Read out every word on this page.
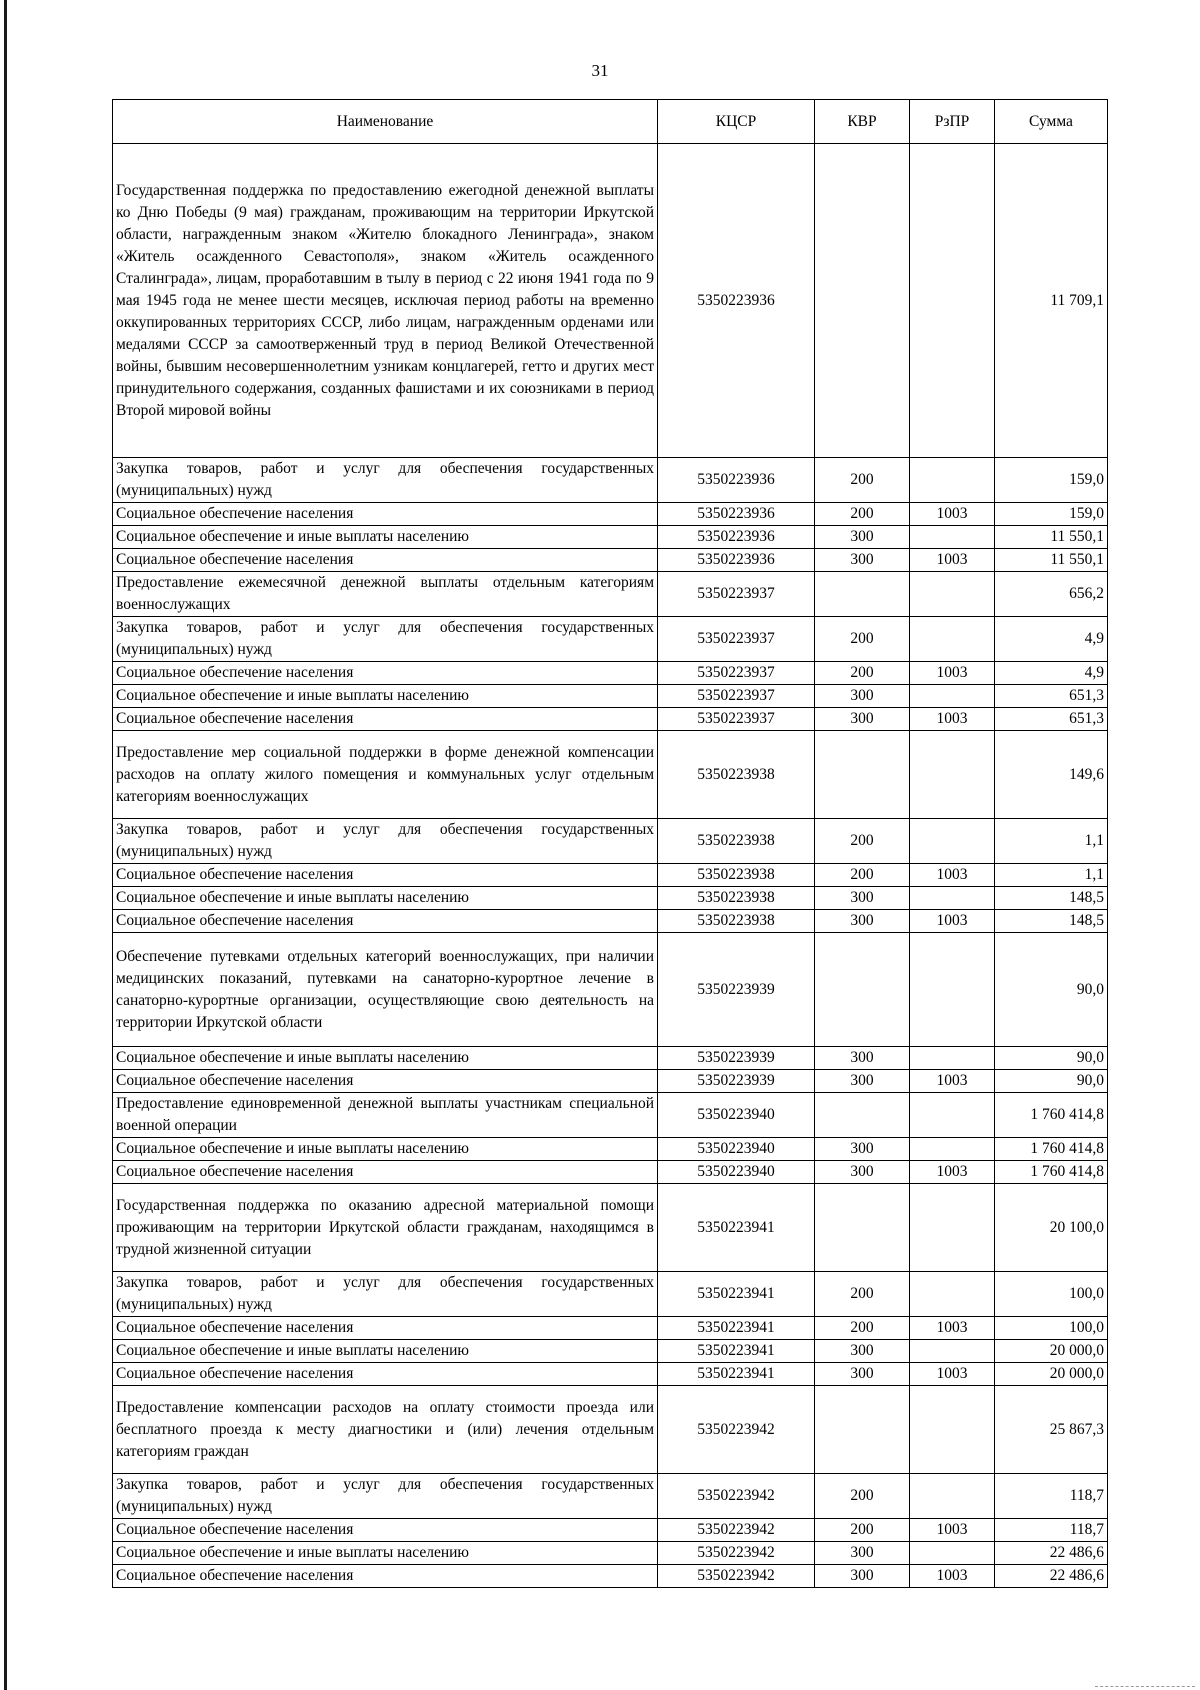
31
Наименование	КЦСР	КВР	РзПР	Сумма
Государственная поддержка по предоставлению ежегодной денежной выплаты ко Дню Победы (9 мая) гражданам, проживающим на территории Иркутской области, награжденным знаком «Жителю блокадного Ленинграда», знаком «Житель осажденного Севастополя», знаком «Житель осажденного Сталинграда», лицам, проработавшим в тылу в период с 22 июня 1941 года по 9 мая 1945 года не менее шести месяцев, исключая период работы на временно оккупированных территориях СССР, либо лицам, награжденным орденами или медалями СССР за самоотверженный труд в период Великой Отечественной войны, бывшим несовершеннолетним узникам концлагерей, гетто и других мест принудительного содержания, созданных фашистами и их союзниками в период Второй мировой войны	5350223936			11 709,1
Закупка товаров, работ и услуг для обеспечения государственных (муниципальных) нужд	5350223936	200		159,0
Социальное обеспечение населения	5350223936	200	1003	159,0
Социальное обеспечение и иные выплаты населению	5350223936	300		11 550,1
Социальное обеспечение населения	5350223936	300	1003	11 550,1
Предоставление ежемесячной денежной выплаты отдельным категориям военнослужащих	5350223937			656,2
Закупка товаров, работ и услуг для обеспечения государственных (муниципальных) нужд	5350223937	200		4,9
Социальное обеспечение населения	5350223937	200	1003	4,9
Социальное обеспечение и иные выплаты населению	5350223937	300		651,3
Социальное обеспечение населения	5350223937	300	1003	651,3
Предоставление мер социальной поддержки в форме денежной компенсации расходов на оплату жилого помещения и коммунальных услуг отдельным категориям военнослужащих	5350223938			149,6
Закупка товаров, работ и услуг для обеспечения государственных (муниципальных) нужд	5350223938	200		1,1
Социальное обеспечение населения	5350223938	200	1003	1,1
Социальное обеспечение и иные выплаты населению	5350223938	300		148,5
Социальное обеспечение населения	5350223938	300	1003	148,5
Обеспечение путевками отдельных категорий военнослужащих, при наличии медицинских показаний, путевками на санаторно-курортное лечение в санаторно-курортные организации, осуществляющие свою деятельность на территории Иркутской области	5350223939			90,0
Социальное обеспечение и иные выплаты населению	5350223939	300		90,0
Социальное обеспечение населения	5350223939	300	1003	90,0
Предоставление единовременной денежной выплаты участникам специальной военной операции	5350223940			1 760 414,8
Социальное обеспечение и иные выплаты населению	5350223940	300		1 760 414,8
Социальное обеспечение населения	5350223940	300	1003	1 760 414,8
Государственная поддержка по оказанию адресной материальной помощи проживающим на территории Иркутской области гражданам, находящимся в трудной жизненной ситуации	5350223941			20 100,0
Закупка товаров, работ и услуг для обеспечения государственных (муниципальных) нужд	5350223941	200		100,0
Социальное обеспечение населения	5350223941	200	1003	100,0
Социальное обеспечение и иные выплаты населению	5350223941	300		20 000,0
Социальное обеспечение населения	5350223941	300	1003	20 000,0
Предоставление компенсации расходов на оплату стоимости проезда или бесплатного проезда к месту диагностики и (или) лечения отдельным категориям граждан	5350223942			25 867,3
Закупка товаров, работ и услуг для обеспечения государственных (муниципальных) нужд	5350223942	200		118,7
Социальное обеспечение населения	5350223942	200	1003	118,7
Социальное обеспечение и иные выплаты населению	5350223942	300		22 486,6
Социальное обеспечение населения	5350223942	300	1003	22 486,6
